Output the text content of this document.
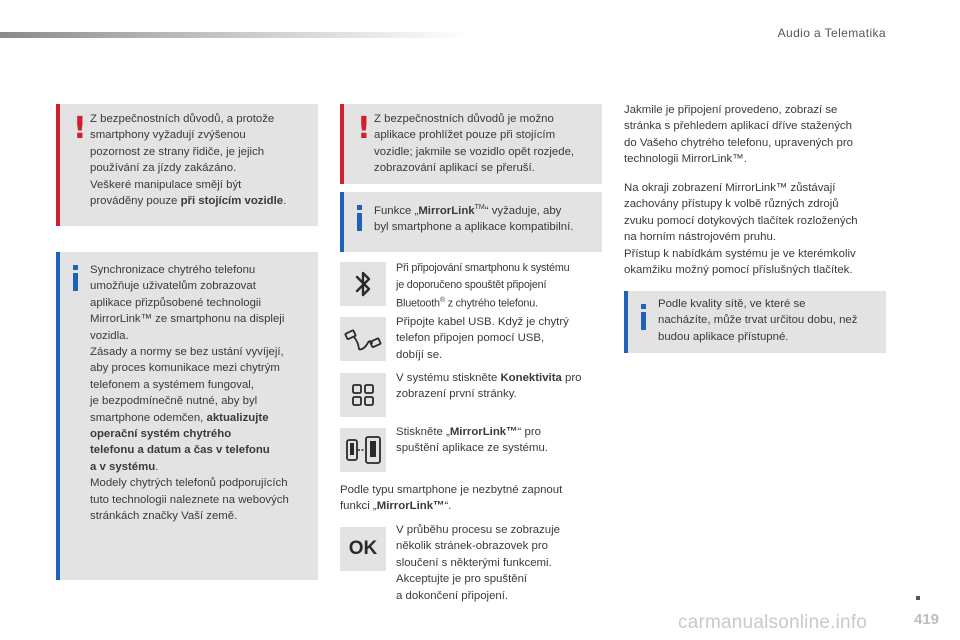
Audio a Telematika
! Z bezpečnostních důvodů, a protože
smartphony vyžadují zvýšenou
pozornost ze strany řidiče, je jejich
používání za jízdy zakázáno.
Veškeré manipulace smějí být
prováděny pouze při stojícím vozidle.
Synchronizace chytrého telefonu
umožňuje uživatelům zobrazovat
aplikace přizpůsobené technologii
MirrorLink™ ze smartphonu na displeji
vozidla.
Zásady a normy se bez ustání vyvíjejí,
aby proces komunikace mezi chytrým
telefonem a systémem fungoval,
je bezpodmínečně nutné, aby byl
smartphone odemčen, aktualizujte
operační systém chytrého
telefonu a datum a čas v telefonu
a v systému.
Modely chytrých telefonů podporujících
tuto technologii naleznete na webových
stránkách značky Vaší země.
! Z bezpečnostních důvodů je možno
aplikace prohlížet pouze při stojícím
vozidle; jakmile se vozidlo opět rozjede,
zobrazování aplikací se přeruší.
Funkce „MirrorLink™“ vyžaduje, aby
byl smartphone a aplikace kompatibilní.
Při připojování smartphonu k systému
je doporučeno spouštět připojení
Bluetooth® z chytrého telefonu.
Připojte kabel USB. Když je chytrý
telefon připojen pomocí USB,
dobíjí se.
V systému stiskněte Konektivita pro
zobrazení první stránky.
Stiskněte „MirrorLink™“ pro
spuštění aplikace ze systému.
Podle typu smartphone je nezbytné zapnout
funkci „MirrorLink™“.
OK
V průběhu procesu se zobrazuje
několik stránek-obrazovek pro
sloučení s některými funkcemi.
Akceptujte je pro spuštění
a dokončení připojení.
Jakmile je připojení provedeno, zobrazí se
stránka s přehledem aplikací dříve stažených
do Vašeho chytrého telefonu, upravených pro
technologii MirrorLink™.
Na okraji zobrazení MirrorLink™ zůstávají
zachovány přístupy k volbě různých zdrojů
zvuku pomocí dotykových tlačítek rozložených
na horním nástrojovém pruhu.
Přístup k nabídkám systému je ve kterémkoliv
okamžiku možný pomocí příslušných tlačítek.
Podle kvality sítě, ve které se
nacházíte, může trvat určitou dobu, než
budou aplikace přístupné.
419
carmanualsonline.info
